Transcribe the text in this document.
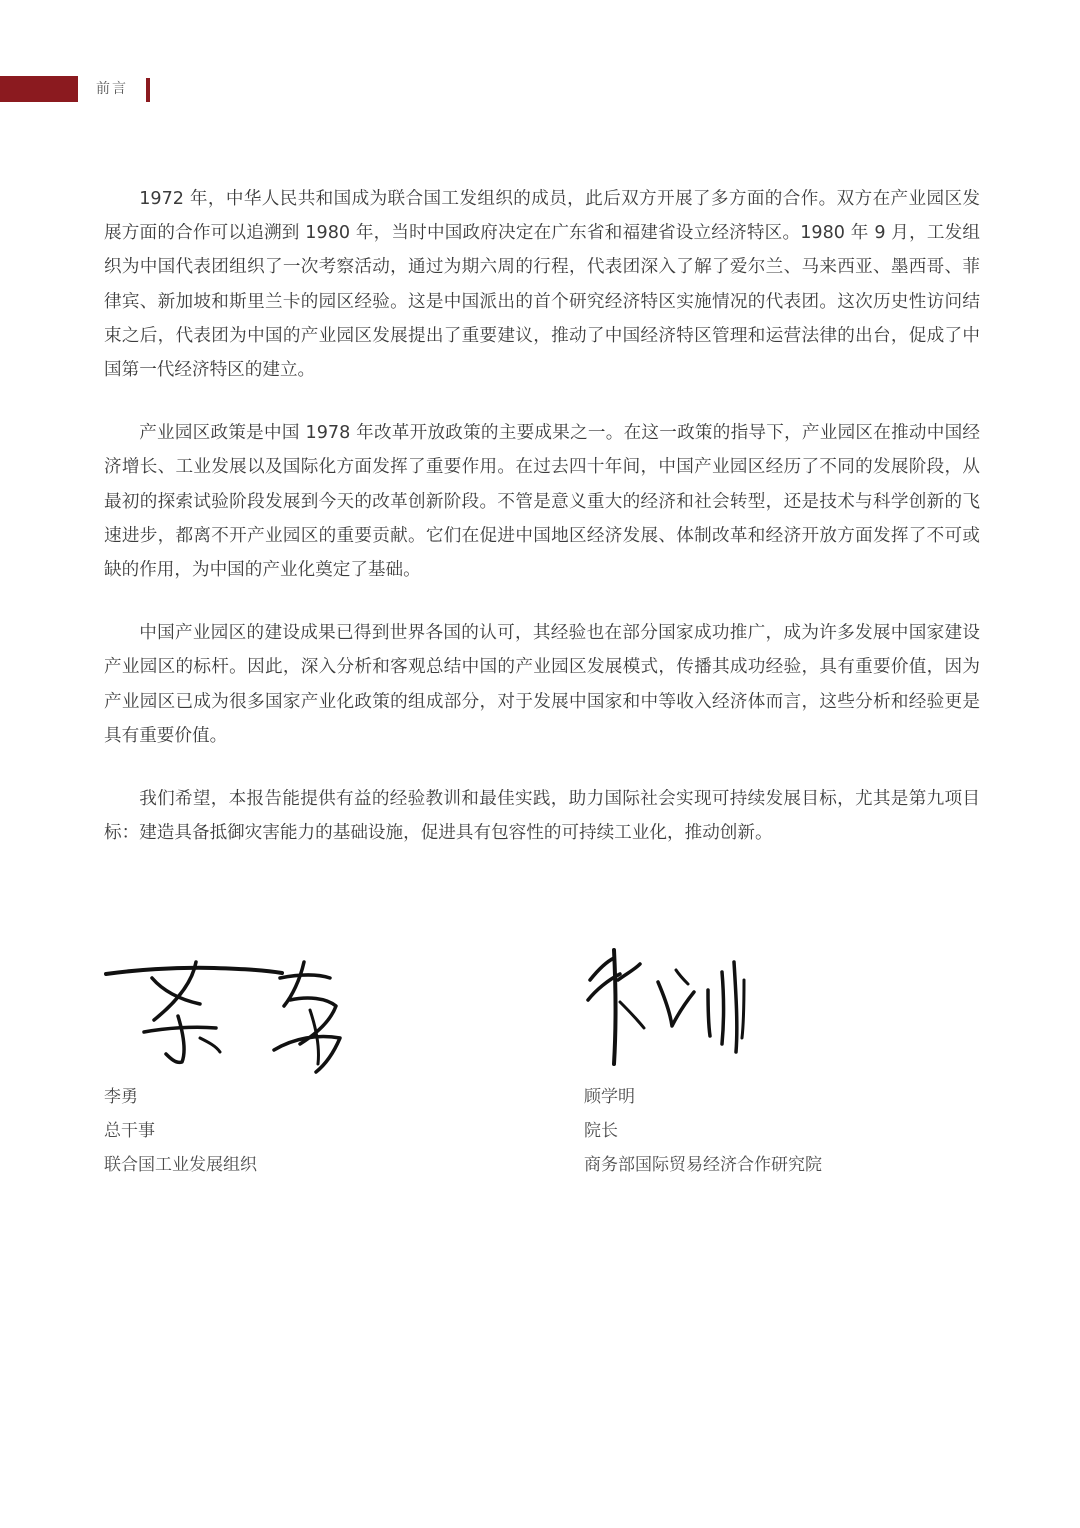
前言

1972 年，中华人民共和国成为联合国工发组织的成员，此后双方开展了多方面的合作。双方在产业园区发展方面的合作可以追溯到 1980 年，当时中国政府决定在广东省和福建省设立经济特区。1980 年 9 月，工发组织为中国代表团组织了一次考察活动，通过为期六周的行程，代表团深入了解了爱尔兰、马来西亚、墨西哥、菲律宾、新加坡和斯里兰卡的园区经验。这是中国派出的首个研究经济特区实施情况的代表团。这次历史性访问结束之后，代表团为中国的产业园区发展提出了重要建议，推动了中国经济特区管理和运营法律的出台，促成了中国第一代经济特区的建立。

产业园区政策是中国 1978 年改革开放政策的主要成果之一。在这一政策的指导下，产业园区在推动中国经济增长、工业发展以及国际化方面发挥了重要作用。在过去四十年间，中国产业园区经历了不同的发展阶段，从最初的探索试验阶段发展到今天的改革创新阶段。不管是意义重大的经济和社会转型，还是技术与科学创新的飞速进步，都离不开产业园区的重要贡献。它们在促进中国地区经济发展、体制改革和经济开放方面发挥了不可或缺的作用，为中国的产业化奠定了基础。

中国产业园区的建设成果已得到世界各国的认可，其经验也在部分国家成功推广，成为许多发展中国家建设产业园区的标杆。因此，深入分析和客观总结中国的产业园区发展模式，传播其成功经验，具有重要价值，因为产业园区已成为很多国家产业化政策的组成部分，对于发展中国家和中等收入经济体而言，这些分析和经验更是具有重要价值。

我们希望，本报告能提供有益的经验教训和最佳实践，助力国际社会实现可持续发展目标，尤其是第九项目标：建造具备抵御灾害能力的基础设施，促进具有包容性的可持续工业化，推动创新。

李勇
总干事
联合国工业发展组织
顾学明
院长
商务部国际贸易经济合作研究院
